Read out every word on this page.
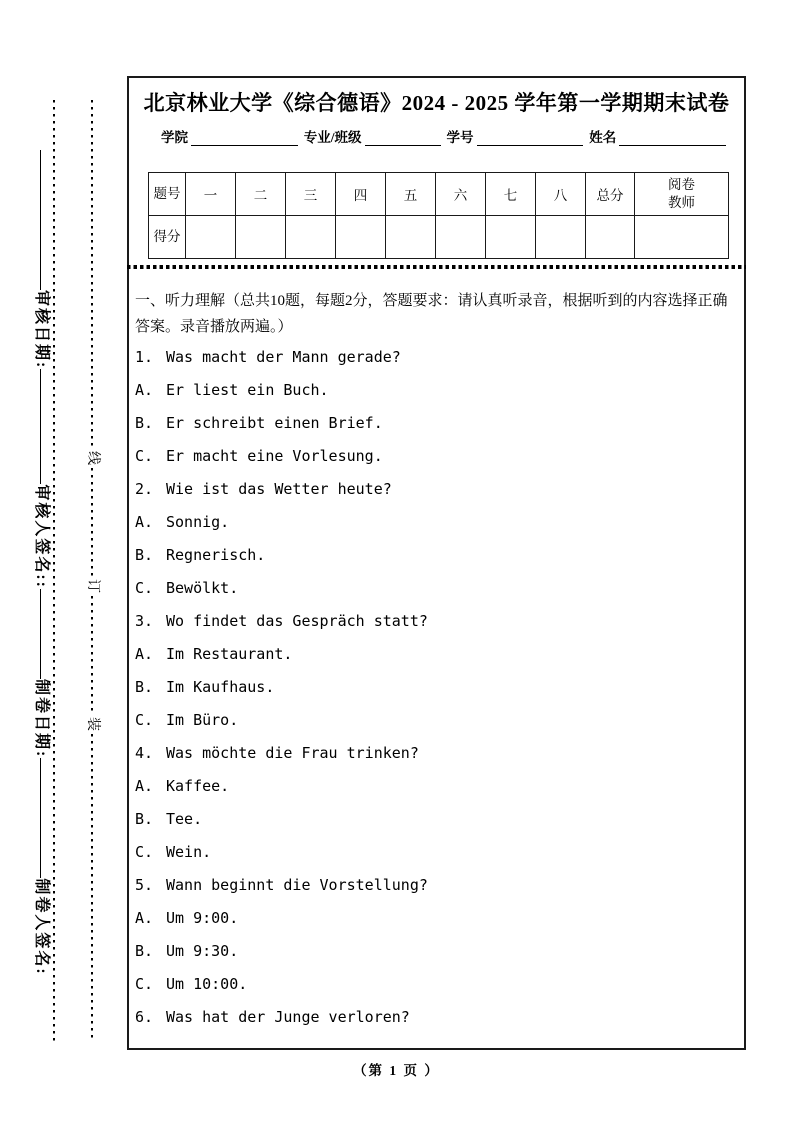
线
订
装
审核日期:
审核人签名::
制卷日期:
制卷人签名:
北京林业大学《综合德语》2024 - 2025 学年第一学期期末试卷
学院	专业/班级	学号	姓名
题号	一	二	三	四	五	六	七	八	总分	阅卷教师
得分										
一、听力理解（总共10题，每题2分，答题要求：请认真听录音，根据听到的内容选择正确答案。录音播放两遍。）
1. Was macht der Mann gerade?
A. Er liest ein Buch.
B. Er schreibt einen Brief.
C. Er macht eine Vorlesung.
2. Wie ist das Wetter heute?
A. Sonnig.
B. Regnerisch.
C. Bewölkt.
3. Wo findet das Gespräch statt?
A. Im Restaurant.
B. Im Kaufhaus.
C. Im Büro.
4. Was möchte die Frau trinken?
A. Kaffee.
B. Tee.
C. Wein.
5. Wann beginnt die Vorstellung?
A. Um 9:00.
B. Um 9:30.
C. Um 10:00.
6. Was hat der Junge verloren?
（第 1 页 ）
